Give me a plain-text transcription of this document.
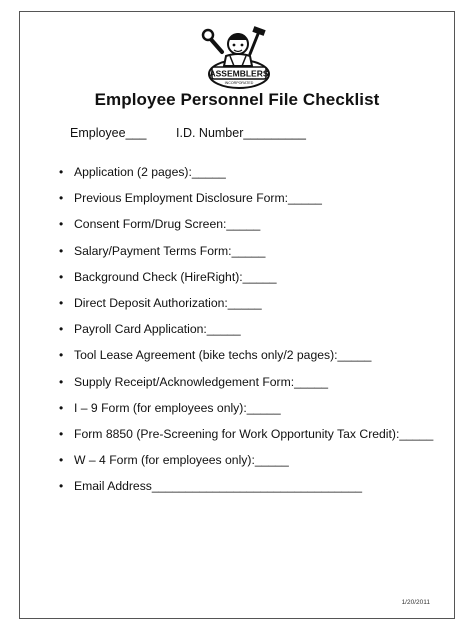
ASSEMBLERS
INCORPORATED
Employee Personnel File Checklist
Employee___ I.D. Number_________
• Application (2 pages):_____
• Previous Employment Disclosure Form:_____
• Consent Form/Drug Screen:_____
• Salary/Payment Terms Form:_____
• Background Check (HireRight):_____
• Direct Deposit Authorization:_____
• Payroll Card Application:_____
• Tool Lease Agreement (bike techs only/2 pages):_____
• Supply Receipt/Acknowledgement Form:_____
• I – 9 Form (for employees only):_____
• Form 8850 (Pre-Screening for Work Opportunity Tax Credit):_____
• W – 4 Form (for employees only):_____
• Email Address_______________________________
1/20/2011
